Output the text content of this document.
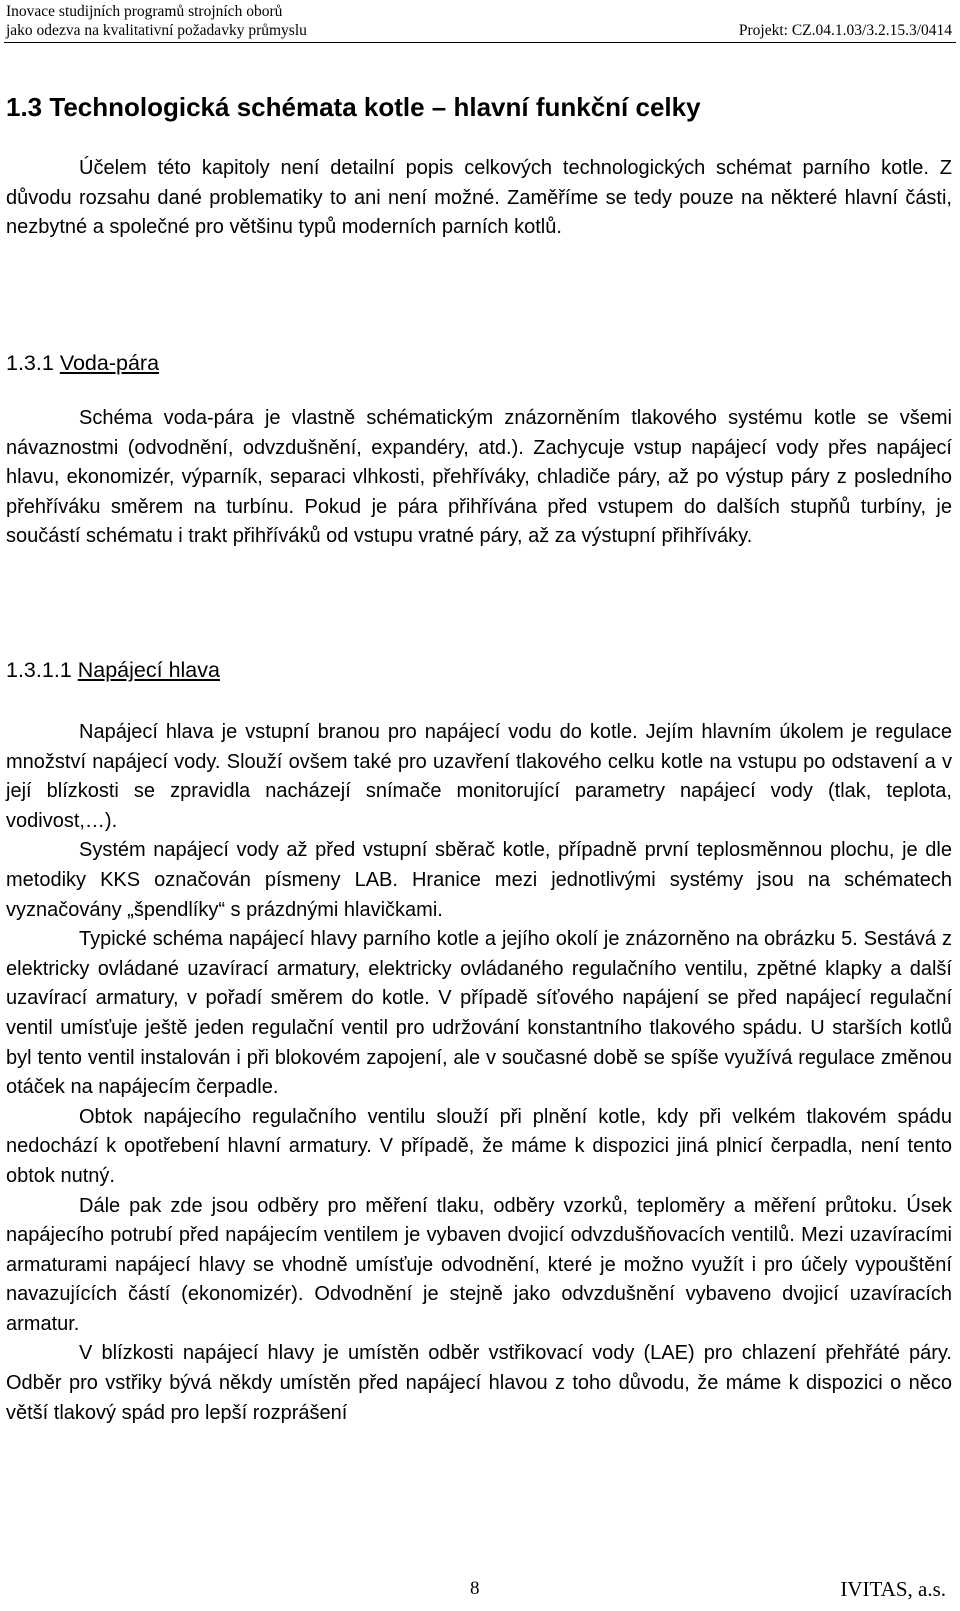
Inovace studijních programů strojních oborů
jako odezva na kvalitativní požadavky průmyslu	Projekt: CZ.04.1.03/3.2.15.3/0414
1.3 Technologická schémata kotle – hlavní funkční celky

Účelem této kapitoly není detailní popis celkových technologických schémat parního kotle. Z důvodu rozsahu dané problematiky to ani není možné. Zaměříme se tedy pouze na některé hlavní části, nezbytné a společné pro většinu typů moderních parních kotlů.

1.3.1 Voda-pára

Schéma voda-pára je vlastně schématickým znázorněním tlakového systému kotle se všemi návaznostmi (odvodnění, odvzdušnění, expandéry, atd.). Zachycuje vstup napájecí vody přes napájecí hlavu, ekonomizér, výparník, separaci vlhkosti, přehříváky, chladiče páry, až po výstup páry z posledního přehříváku směrem na turbínu. Pokud je pára přihřívána před vstupem do dalších stupňů turbíny, je součástí schématu i trakt přihříváků od vstupu vratné páry, až za výstupní přihříváky.

1.3.1.1 Napájecí hlava

Napájecí hlava je vstupní branou pro napájecí vodu do kotle. Jejím hlavním úkolem je regulace množství napájecí vody. Slouží ovšem také pro uzavření tlakového celku kotle na vstupu po odstavení a v její blízkosti se zpravidla nacházejí snímače monitorující parametry napájecí vody (tlak, teplota, vodivost,…).

Systém napájecí vody až před vstupní sběrač kotle, případně první teplosměnnou plochu, je dle metodiky KKS označován písmeny LAB. Hranice mezi jednotlivými systémy jsou na schématech vyznačovány „špendlíky“ s prázdnými hlavičkami.

Typické schéma napájecí hlavy parního kotle a jejího okolí je znázorněno na obrázku 5. Sestává z elektricky ovládané uzavírací armatury, elektricky ovládaného regulačního ventilu, zpětné klapky a další uzavírací armatury, v pořadí směrem do kotle. V případě síťového napájení se před napájecí regulační ventil umísťuje ještě jeden regulační ventil pro udržování konstantního tlakového spádu. U starších kotlů byl tento ventil instalován i při blokovém zapojení, ale v současné době se spíše využívá regulace změnou otáček na napájecím čerpadle.

Obtok napájecího regulačního ventilu slouží při plnění kotle, kdy při velkém tlakovém spádu nedochází k opotřebení hlavní armatury. V případě, že máme k dispozici jiná plnicí čerpadla, není tento obtok nutný.

Dále pak zde jsou odběry pro měření tlaku, odběry vzorků, teploměry a měření průtoku. Úsek napájecího potrubí před napájecím ventilem je vybaven dvojicí odvzdušňovacích ventilů. Mezi uzavíracími armaturami napájecí hlavy se vhodně umísťuje odvodnění, které je možno využít i pro účely vypouštění navazujících částí (ekonomizér). Odvodnění je stejně jako odvzdušnění vybaveno dvojicí uzavíracích armatur.

V blízkosti napájecí hlavy je umístěn odběr vstřikovací vody (LAE) pro chlazení přehřáté páry. Odběr pro vstřiky bývá někdy umístěn před napájecí hlavou z toho důvodu, že máme k dispozici o něco větší tlakový spád pro lepší rozprášení

8	IVITAS, a.s.
